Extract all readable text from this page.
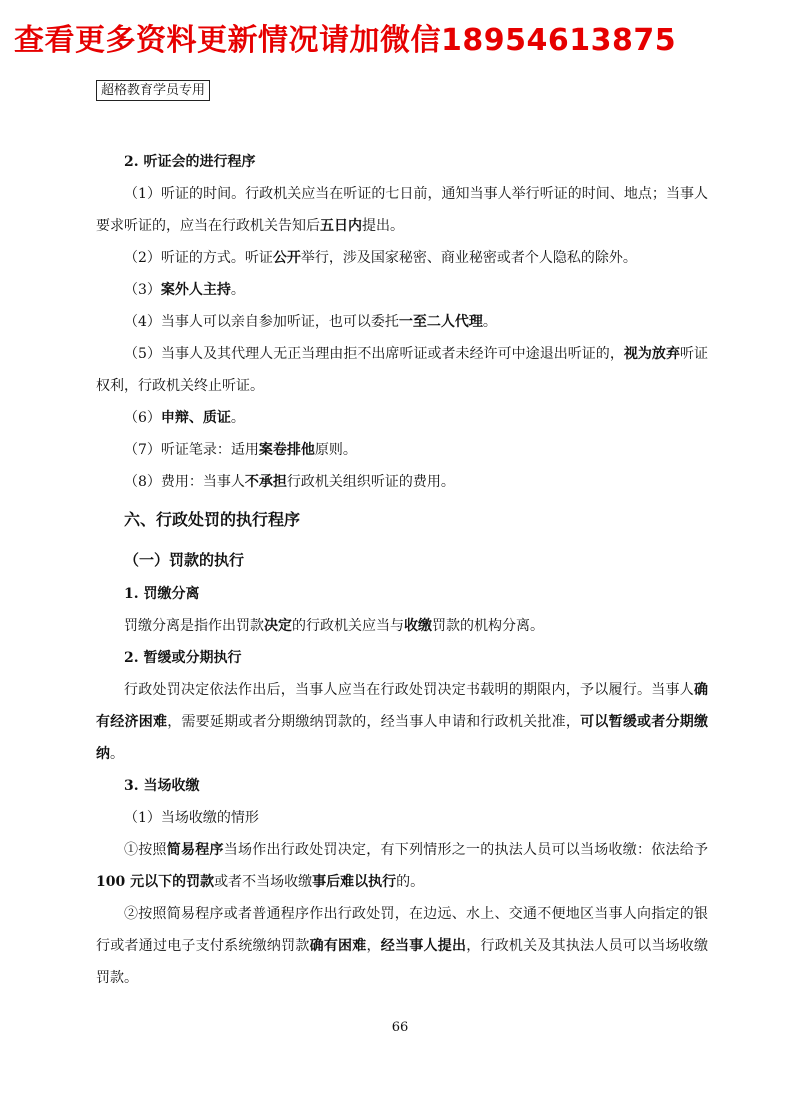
查看更多资料更新情况请加微信18954613875
超格教育学员专用

2. 听证会的进行程序

（1）听证的时间。行政机关应当在听证的七日前，通知当事人举行听证的时间、地点；当事人要求听证的，应当在行政机关告知后五日内提出。

（2）听证的方式。听证公开举行，涉及国家秘密、商业秘密或者个人隐私的除外。

（3）案外人主持。

（4）当事人可以亲自参加听证，也可以委托一至二人代理。

（5）当事人及其代理人无正当理由拒不出席听证或者未经许可中途退出听证的，视为放弃听证权利，行政机关终止听证。

（6）申辩、质证。

（7）听证笔录：适用案卷排他原则。

（8）费用：当事人不承担行政机关组织听证的费用。

六、行政处罚的执行程序

（一）罚款的执行

1. 罚缴分离

罚缴分离是指作出罚款决定的行政机关应当与收缴罚款的机构分离。

2. 暂缓或分期执行

行政处罚决定依法作出后，当事人应当在行政处罚决定书载明的期限内，予以履行。当事人确有经济困难，需要延期或者分期缴纳罚款的，经当事人申请和行政机关批准，可以暂缓或者分期缴纳。

3. 当场收缴

（1）当场收缴的情形

①按照简易程序当场作出行政处罚决定，有下列情形之一的执法人员可以当场收缴：依法给予100 元以下的罚款或者不当场收缴事后难以执行的。

②按照简易程序或者普通程序作出行政处罚，在边远、水上、交通不便地区当事人向指定的银行或者通过电子支付系统缴纳罚款确有困难，经当事人提出，行政机关及其执法人员可以当场收缴罚款。

66
